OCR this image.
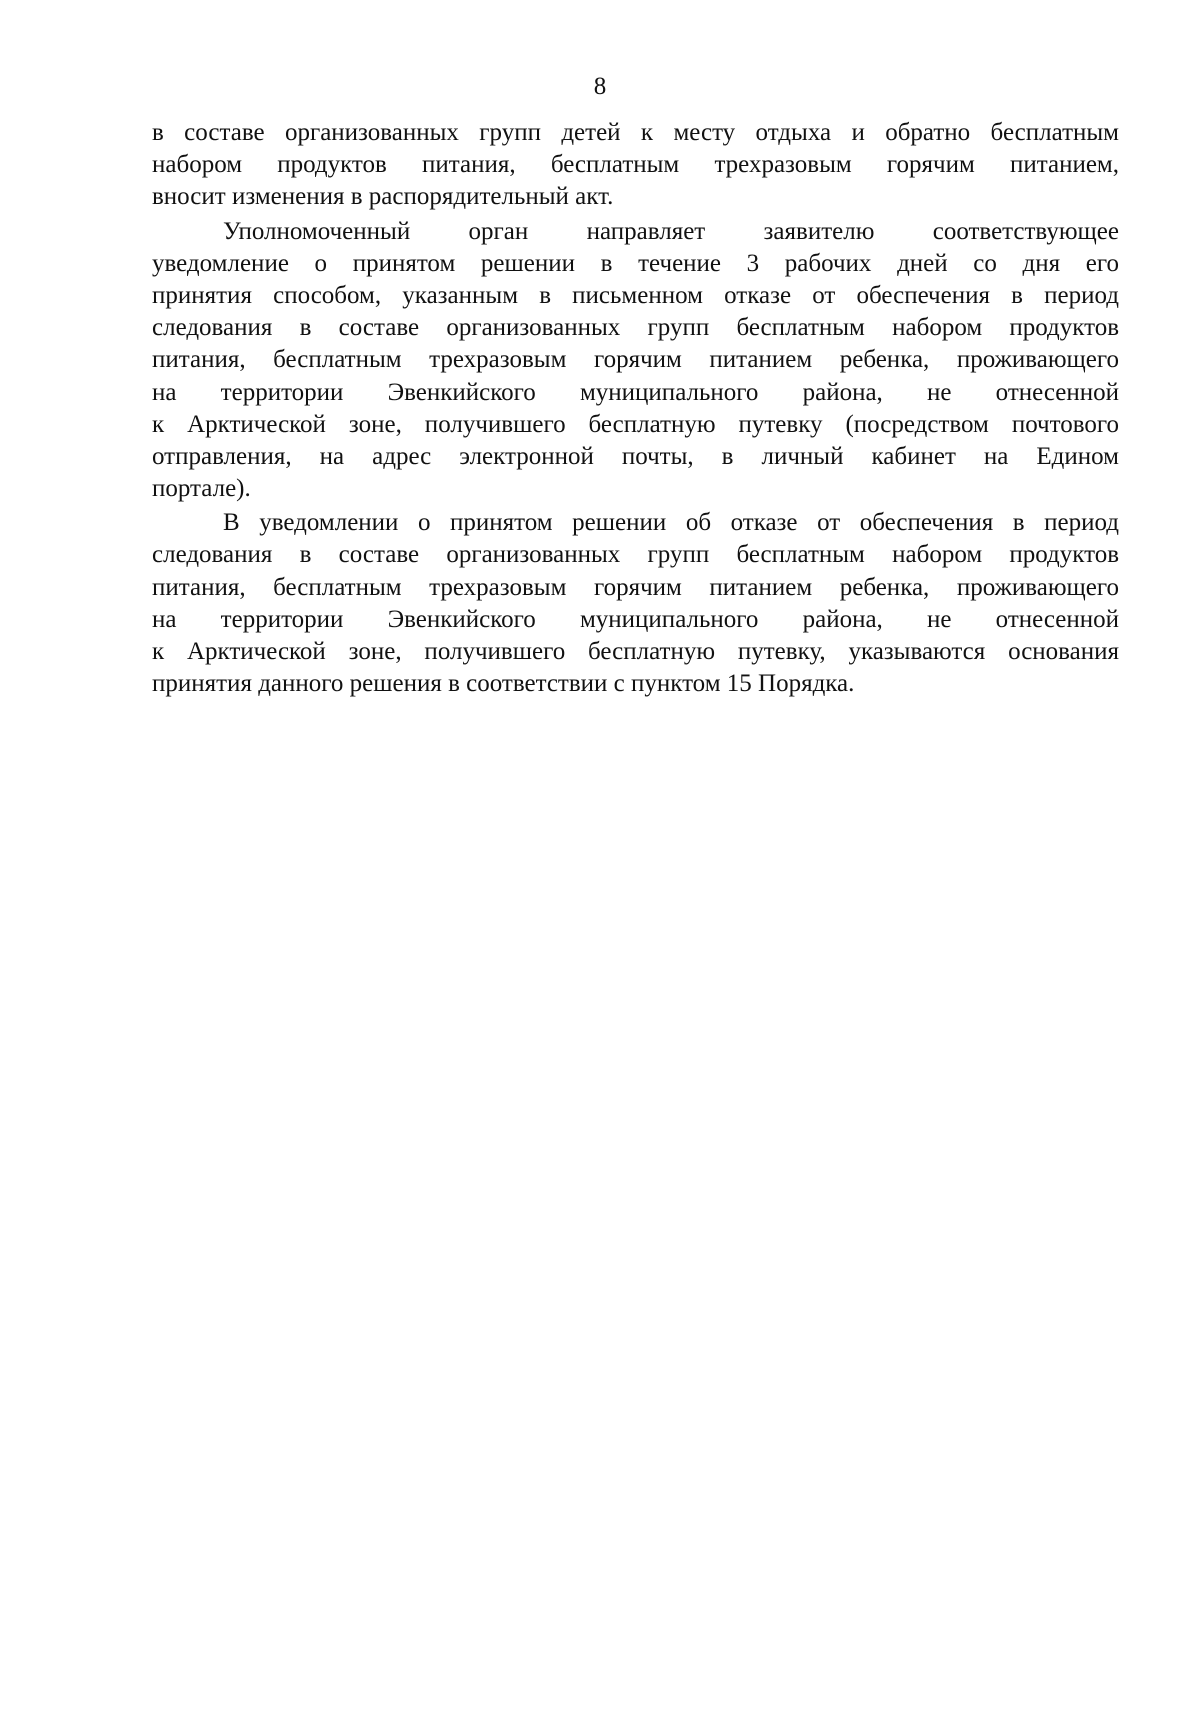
8
в составе организованных групп детей к месту отдыха и обратно бесплатным
набором продуктов питания, бесплатным трехразовым горячим питанием,
вносит изменения в распорядительный акт.
Уполномоченный орган направляет заявителю соответствующее
уведомление о принятом решении в течение 3 рабочих дней со дня его
принятия способом, указанным в письменном отказе от обеспечения в период
следования в составе организованных групп бесплатным набором продуктов
питания, бесплатным трехразовым горячим питанием ребенка, проживающего
на территории Эвенкийского муниципального района, не отнесенной
к Арктической зоне, получившего бесплатную путевку (посредством почтового
отправления, на адрес электронной почты, в личный кабинет на Едином
портале).
В уведомлении о принятом решении об отказе от обеспечения в период
следования в составе организованных групп бесплатным набором продуктов
питания, бесплатным трехразовым горячим питанием ребенка, проживающего
на территории Эвенкийского муниципального района, не отнесенной
к Арктической зоне, получившего бесплатную путевку, указываются основания
принятия данного решения в соответствии с пунктом 15 Порядка.
